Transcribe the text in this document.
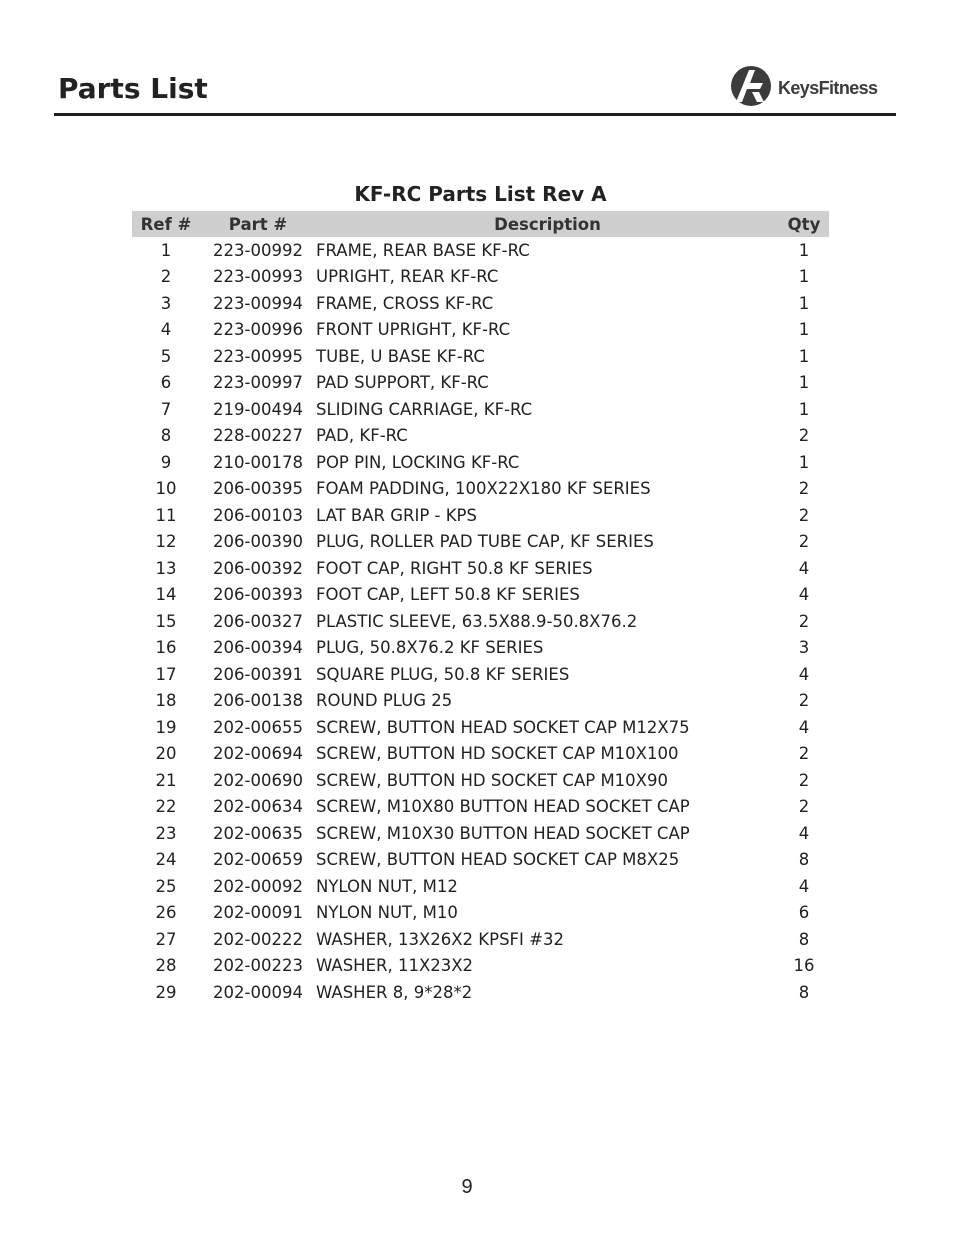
Parts List	KeysFitness
KF-RC Parts List Rev A
Ref #	Part #	Description	Qty
1	223-00992	FRAME, REAR BASE KF-RC	1
2	223-00993	UPRIGHT, REAR KF-RC	1
3	223-00994	FRAME, CROSS KF-RC	1
4	223-00996	FRONT UPRIGHT, KF-RC	1
5	223-00995	TUBE, U BASE KF-RC	1
6	223-00997	PAD SUPPORT, KF-RC	1
7	219-00494	SLIDING CARRIAGE, KF-RC	1
8	228-00227	PAD, KF-RC	2
9	210-00178	POP PIN, LOCKING KF-RC	1
10	206-00395	FOAM PADDING, 100X22X180 KF SERIES	2
11	206-00103	LAT BAR GRIP - KPS	2
12	206-00390	PLUG, ROLLER PAD TUBE CAP, KF SERIES	2
13	206-00392	FOOT CAP, RIGHT 50.8 KF SERIES	4
14	206-00393	FOOT CAP, LEFT 50.8 KF SERIES	4
15	206-00327	PLASTIC SLEEVE, 63.5X88.9-50.8X76.2	2
16	206-00394	PLUG, 50.8X76.2 KF SERIES	3
17	206-00391	SQUARE PLUG, 50.8 KF SERIES	4
18	206-00138	ROUND PLUG 25	2
19	202-00655	SCREW, BUTTON HEAD SOCKET CAP M12X75	4
20	202-00694	SCREW, BUTTON HD SOCKET CAP M10X100	2
21	202-00690	SCREW, BUTTON HD SOCKET CAP M10X90	2
22	202-00634	SCREW, M10X80 BUTTON HEAD SOCKET CAP	2
23	202-00635	SCREW, M10X30 BUTTON HEAD SOCKET CAP	4
24	202-00659	SCREW, BUTTON HEAD SOCKET CAP M8X25	8
25	202-00092	NYLON NUT, M12	4
26	202-00091	NYLON NUT, M10	6
27	202-00222	WASHER, 13X26X2 KPSFI #32	8
28	202-00223	WASHER, 11X23X2	16
29	202-00094	WASHER 8, 9*28*2	8
9
